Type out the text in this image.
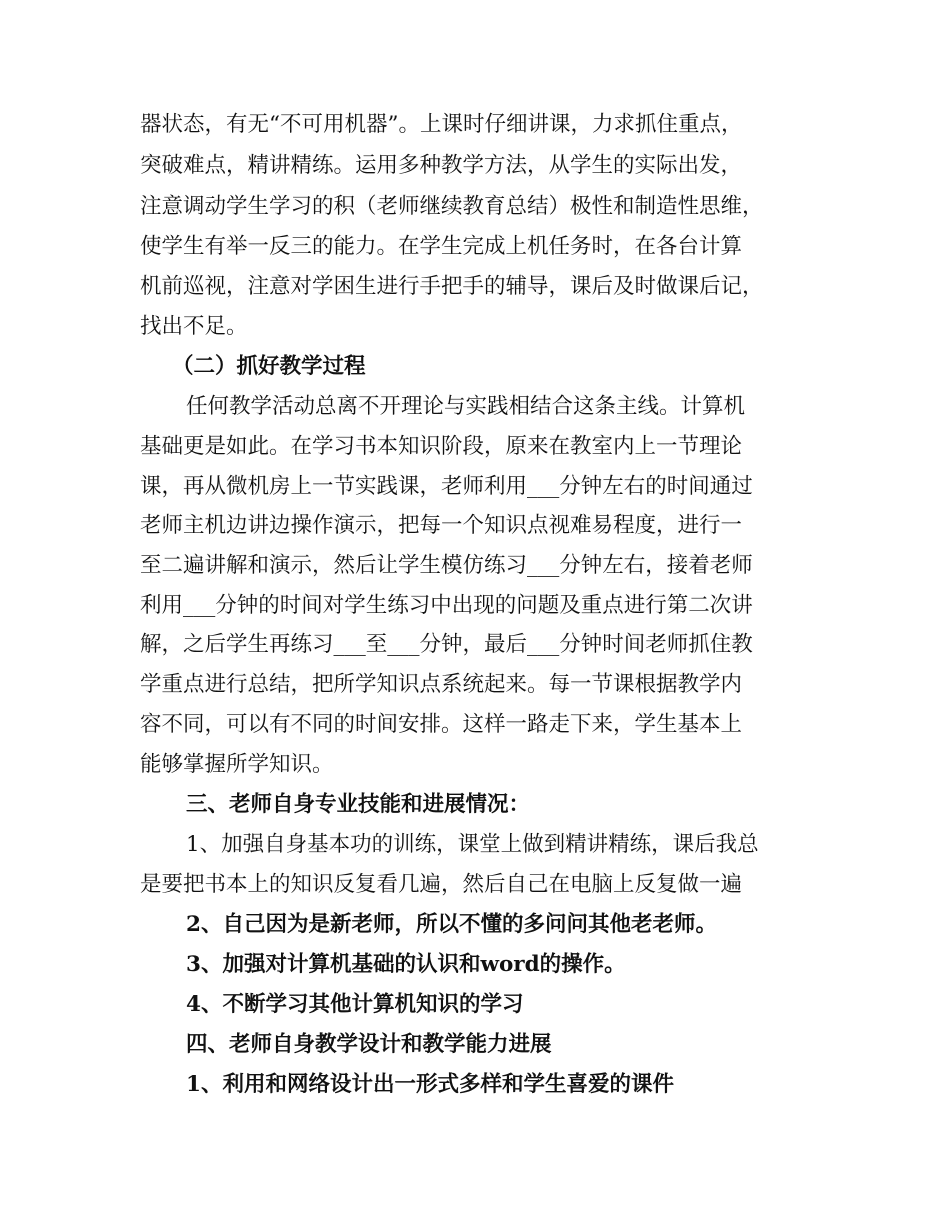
器状态，有无“不可用机器”。上课时仔细讲课，力求抓住重点，
突破难点，精讲精练。运用多种教学方法，从学生的实际出发，
注意调动学生学习的积（老师继续教育总结）极性和制造性思维，
使学生有举一反三的能力。在学生完成上机任务时，在各台计算
机前巡视，注意对学困生进行手把手的辅导，课后及时做课后记，
找出不足。
（二）抓好教学过程
任何教学活动总离不开理论与实践相结合这条主线。计算机
基础更是如此。在学习书本知识阶段，原来在教室内上一节理论
课，再从微机房上一节实践课，老师利用___分钟左右的时间通过
老师主机边讲边操作演示，把每一个知识点视难易程度，进行一
至二遍讲解和演示，然后让学生模仿练习___分钟左右，接着老师
利用___分钟的时间对学生练习中出现的问题及重点进行第二次讲
解，之后学生再练习___至___分钟，最后___分钟时间老师抓住教
学重点进行总结，把所学知识点系统起来。每一节课根据教学内
容不同，可以有不同的时间安排。这样一路走下来，学生基本上
能够掌握所学知识。
三、老师自身专业技能和进展情况：
1、加强自身基本功的训练，课堂上做到精讲精练，课后我总
是要把书本上的知识反复看几遍，然后自己在电脑上反复做一遍
2、自己因为是新老师，所以不懂的多问问其他老老师。
3、加强对计算机基础的认识和word的操作。
4、不断学习其他计算机知识的学习
四、老师自身教学设计和教学能力进展
1、利用和网络设计出一形式多样和学生喜爱的课件
